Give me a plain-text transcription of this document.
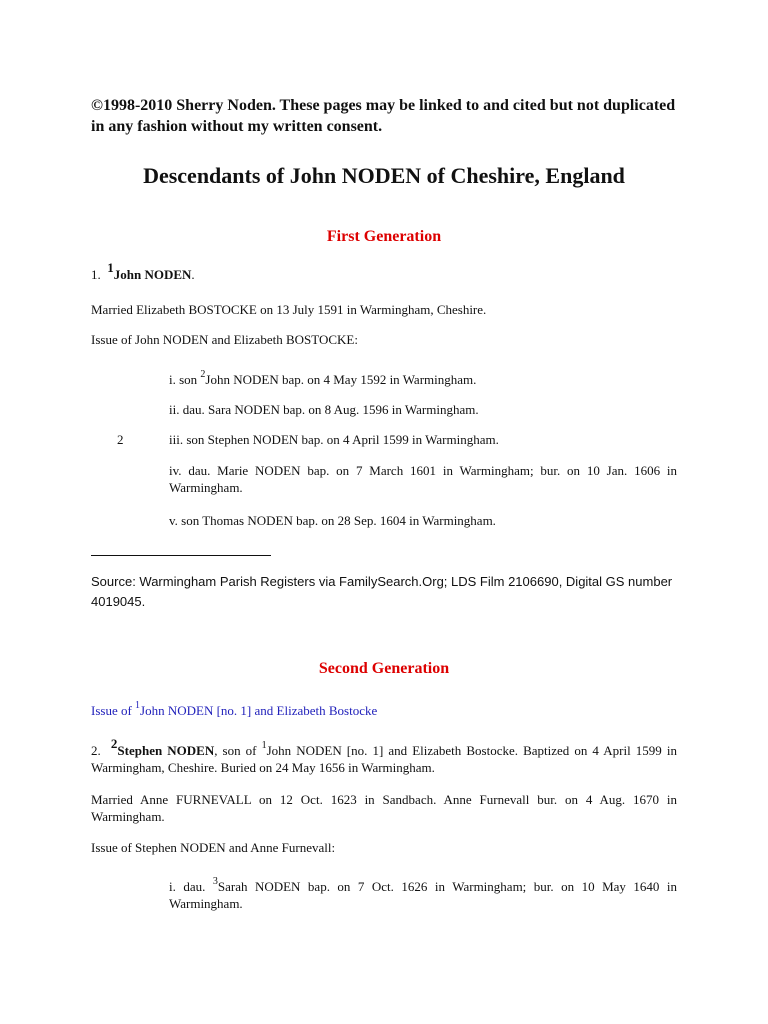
©1998-2010 Sherry Noden. These pages may be linked to and cited but not duplicated in any fashion without my written consent.
Descendants of John NODEN of Cheshire, England
First Generation
1. $^1$John NODEN.
Married Elizabeth BOSTOCKE on 13 July 1591 in Warmingham, Cheshire.
Issue of John NODEN and Elizabeth BOSTOCKE:
i. son $^2$John NODEN bap. on 4 May 1592 in Warmingham.
ii. dau. Sara NODEN bap. on 8 Aug. 1596 in Warmingham.
2	iii. son Stephen NODEN bap. on 4 April 1599 in Warmingham.
iv. dau. Marie NODEN bap. on 7 March 1601 in Warmingham; bur. on 10 Jan. 1606 in Warmingham.
v. son Thomas NODEN bap. on 28 Sep. 1604 in Warmingham.
Source: Warmingham Parish Registers via FamilySearch.Org; LDS Film 2106690, Digital GS number 4019045.
Second Generation
Issue of $^1$John NODEN [no. 1] and Elizabeth Bostocke
2. $^2$Stephen NODEN, son of $^1$John NODEN [no. 1] and Elizabeth Bostocke. Baptized on 4 April 1599 in Warmingham, Cheshire. Buried on 24 May 1656 in Warmingham.
Married Anne FURNEVALL on 12 Oct. 1623 in Sandbach. Anne Furnevall bur. on 4 Aug. 1670 in Warmingham.
Issue of Stephen NODEN and Anne Furnevall:
i. dau. $^3$Sarah NODEN bap. on 7 Oct. 1626 in Warmingham; bur. on 10 May 1640 in Warmingham.
